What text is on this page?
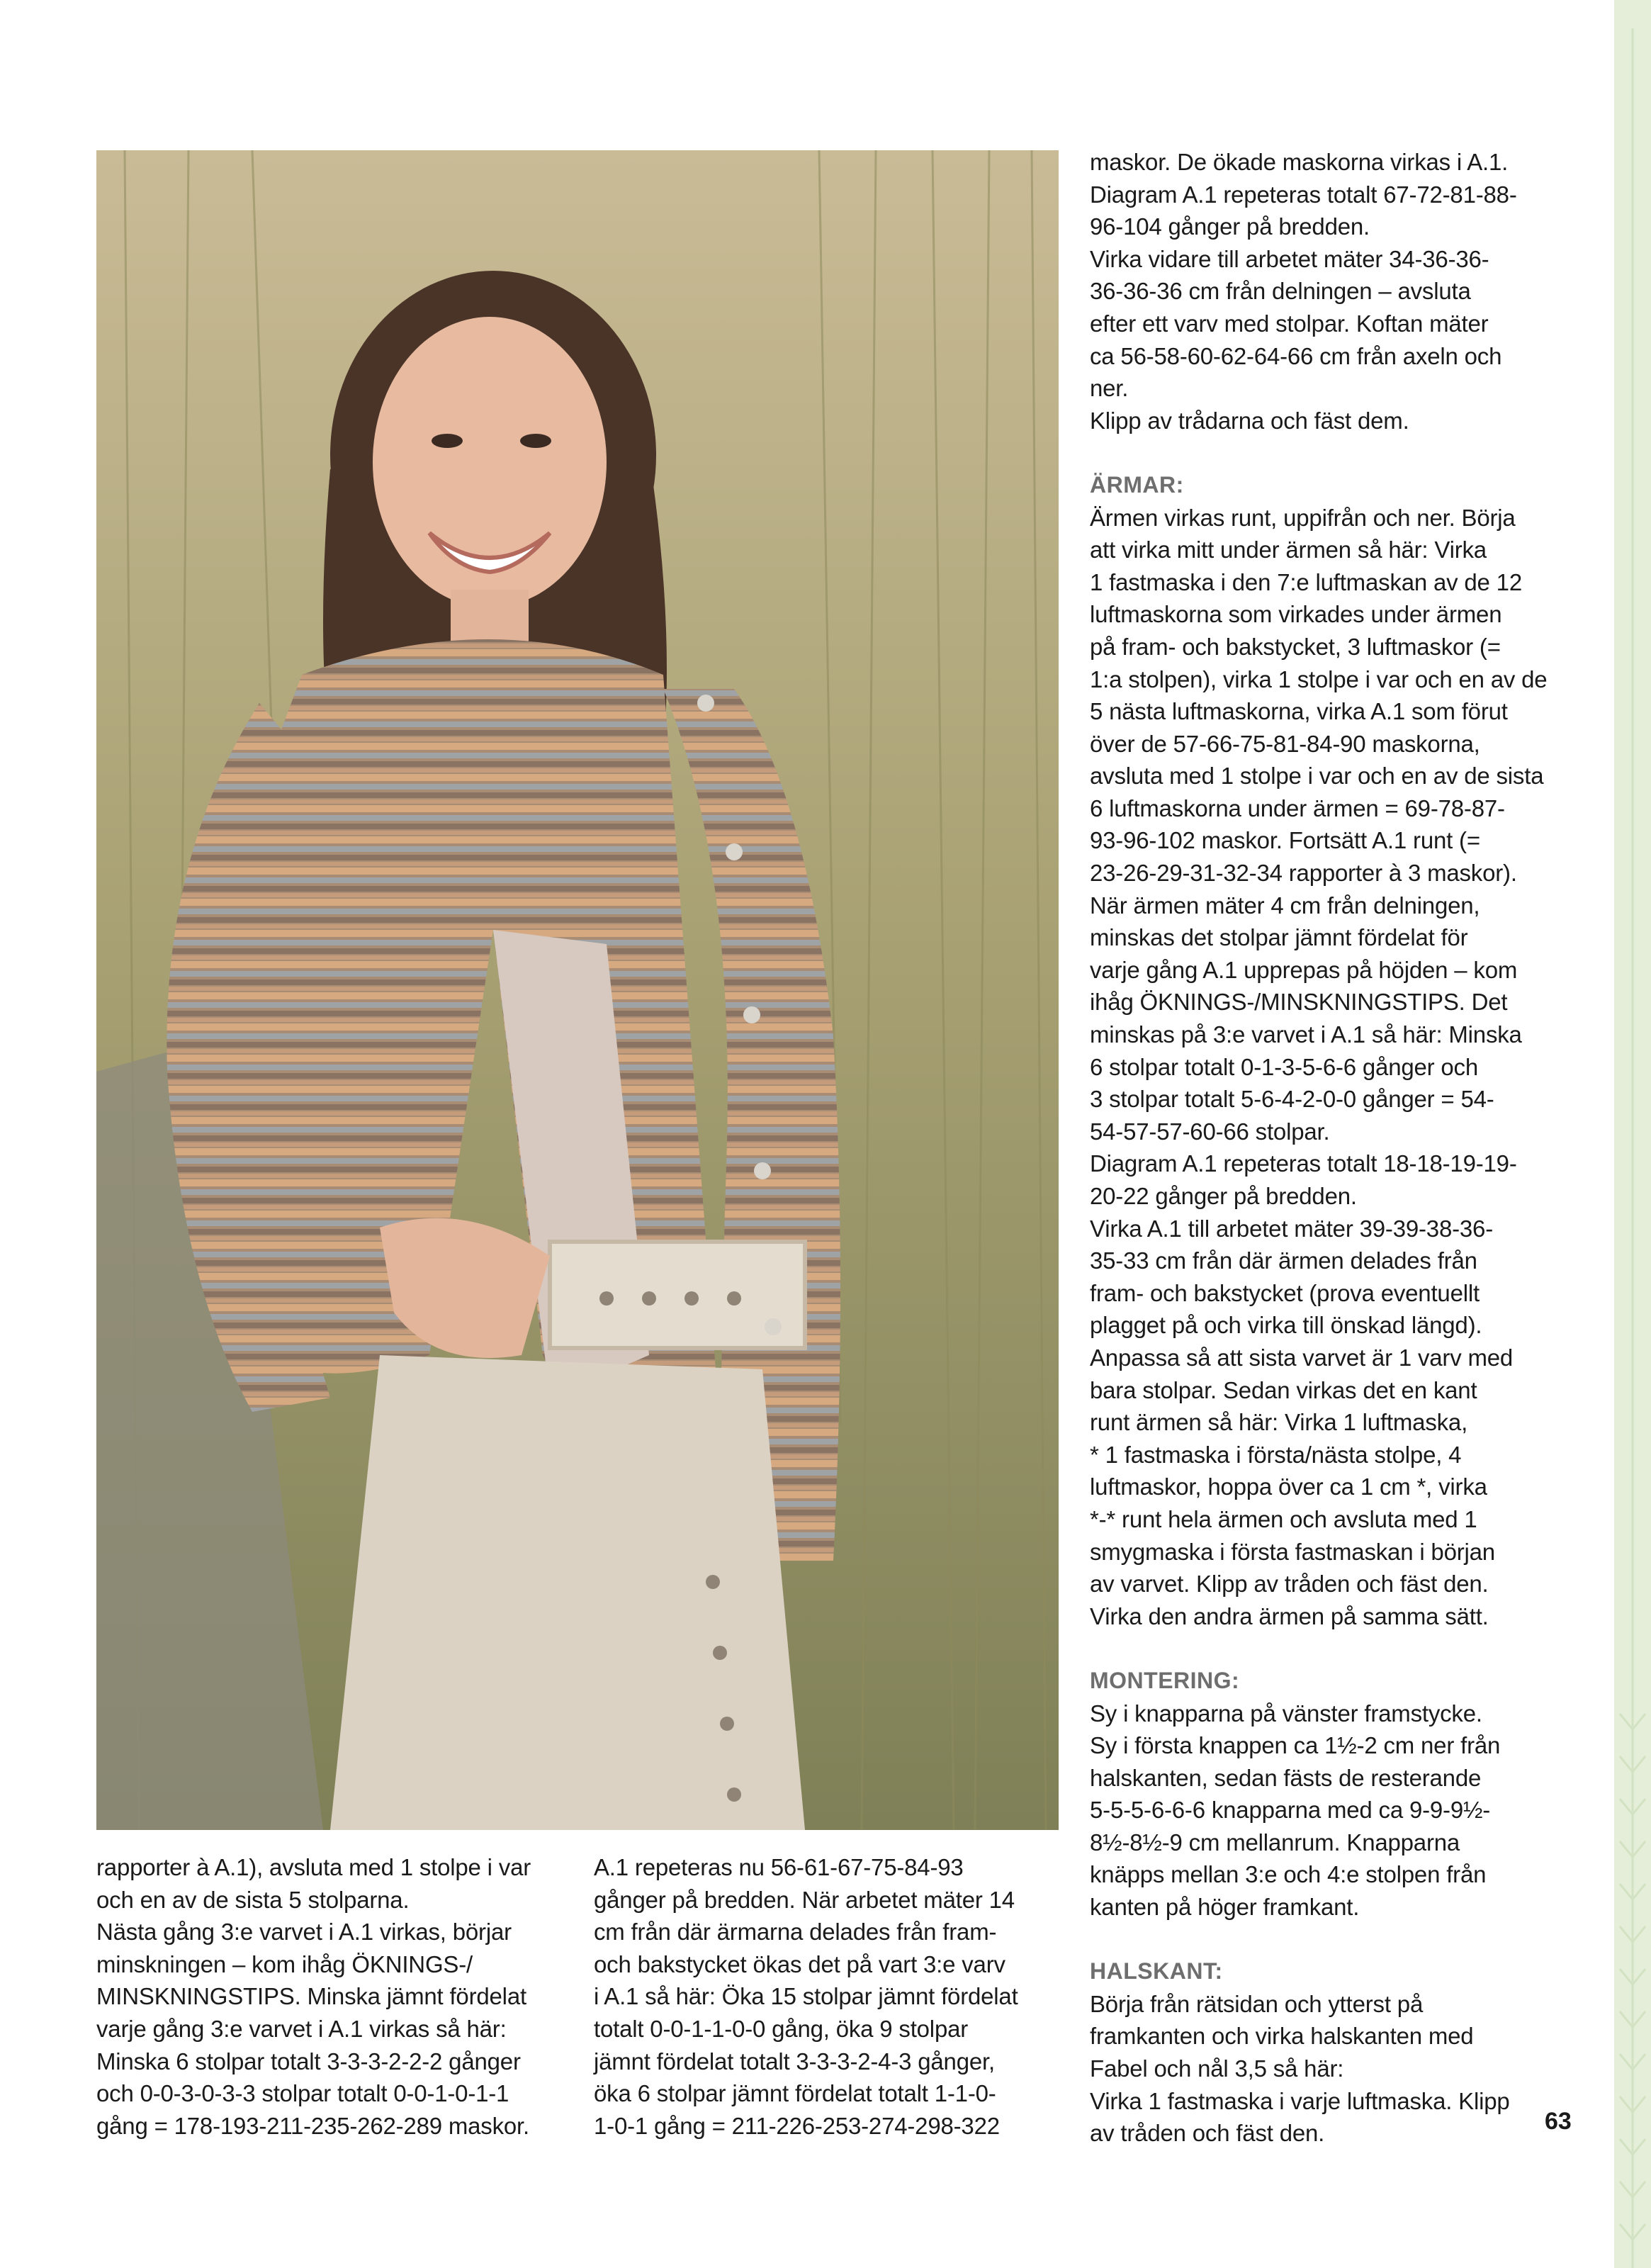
rapporter à A.1), avsluta med 1 stolpe i var

och en av de sista 5 stolparna.

Nästa gång 3:e varvet i A.1 virkas, börjar

minskningen – kom ihåg ÖKNINGS-/

MINSKNINGSTIPS. Minska jämnt fördelat

varje gång 3:e varvet i A.1 virkas så här:

Minska 6 stolpar totalt 3-3-3-2-2-2 gånger

och 0-0-3-0-3-3 stolpar totalt 0-0-1-0-1-1

gång = 178-193-211-235-262-289 maskor.

A.1 repeteras nu 56-61-67-75-84-93

gånger på bredden. När arbetet mäter 14

cm från där ärmarna delades från fram-

och bakstycket ökas det på vart 3:e varv

i A.1 så här: Öka 15 stolpar jämnt fördelat

totalt 0-0-1-1-0-0 gång, öka 9 stolpar

jämnt fördelat totalt 3-3-3-2-4-3 gånger,

öka 6 stolpar jämnt fördelat totalt 1-1-0-

1-0-1 gång = 211-226-253-274-298-322

maskor. De ökade maskorna virkas i A.1.

Diagram A.1 repeteras totalt 67-72-81-88-

96-104 gånger på bredden.

Virka vidare till arbetet mäter 34-36-36-

36-36-36 cm från delningen – avsluta

efter ett varv med stolpar. Koftan mäter

ca 56-58-60-62-64-66 cm från axeln och

ner.

Klipp av trådarna och fäst dem.

ÄRMAR:

Ärmen virkas runt, uppifrån och ner. Börja

att virka mitt under ärmen så här: Virka

1 fastmaska i den 7:e luftmaskan av de 12

luftmaskorna som virkades under ärmen

på fram- och bakstycket, 3 luftmaskor (=

1:a stolpen), virka 1 stolpe i var och en av de

5 nästa luftmaskorna, virka A.1 som förut

över de 57-66-75-81-84-90 maskorna,

avsluta med 1 stolpe i var och en av de sista

6 luftmaskorna under ärmen = 69-78-87-

93-96-102 maskor. Fortsätt A.1 runt (=

23-26-29-31-32-34 rapporter à 3 maskor).

När ärmen mäter 4 cm från delningen,

minskas det stolpar jämnt fördelat för

varje gång A.1 upprepas på höjden – kom

ihåg ÖKNINGS-/MINSKNINGSTIPS. Det

minskas på 3:e varvet i A.1 så här: Minska

6 stolpar totalt 0-1-3-5-6-6 gånger och

3 stolpar totalt 5-6-4-2-0-0 gånger = 54-

54-57-57-60-66 stolpar.

Diagram A.1 repeteras totalt 18-18-19-19-

20-22 gånger på bredden.

Virka A.1 till arbetet mäter 39-39-38-36-

35-33 cm från där ärmen delades från

fram- och bakstycket (prova eventuellt

plagget på och virka till önskad längd).

Anpassa så att sista varvet är 1 varv med

bara stolpar. Sedan virkas det en kant

runt ärmen så här: Virka 1 luftmaska,

* 1 fastmaska i första/nästa stolpe, 4

luftmaskor, hoppa över ca 1 cm *, virka

*-* runt hela ärmen och avsluta med 1

smygmaska i första fastmaskan i början

av varvet. Klipp av tråden och fäst den.

Virka den andra ärmen på samma sätt.

MONTERING:

Sy i knapparna på vänster framstycke.

Sy i första knappen ca 1½-2 cm ner från

halskanten, sedan fästs de resterande

5-5-5-6-6-6 knapparna med ca 9-9-9½-

8½-8½-9 cm mellanrum. Knapparna

knäpps mellan 3:e och 4:e stolpen från

kanten på höger framkant.

HALSKANT:

Börja från rätsidan och ytterst på

framkanten och virka halskanten med

Fabel och nål 3,5 så här:

Virka 1 fastmaska i varje luftmaska. Klipp

av tråden och fäst den.	63
